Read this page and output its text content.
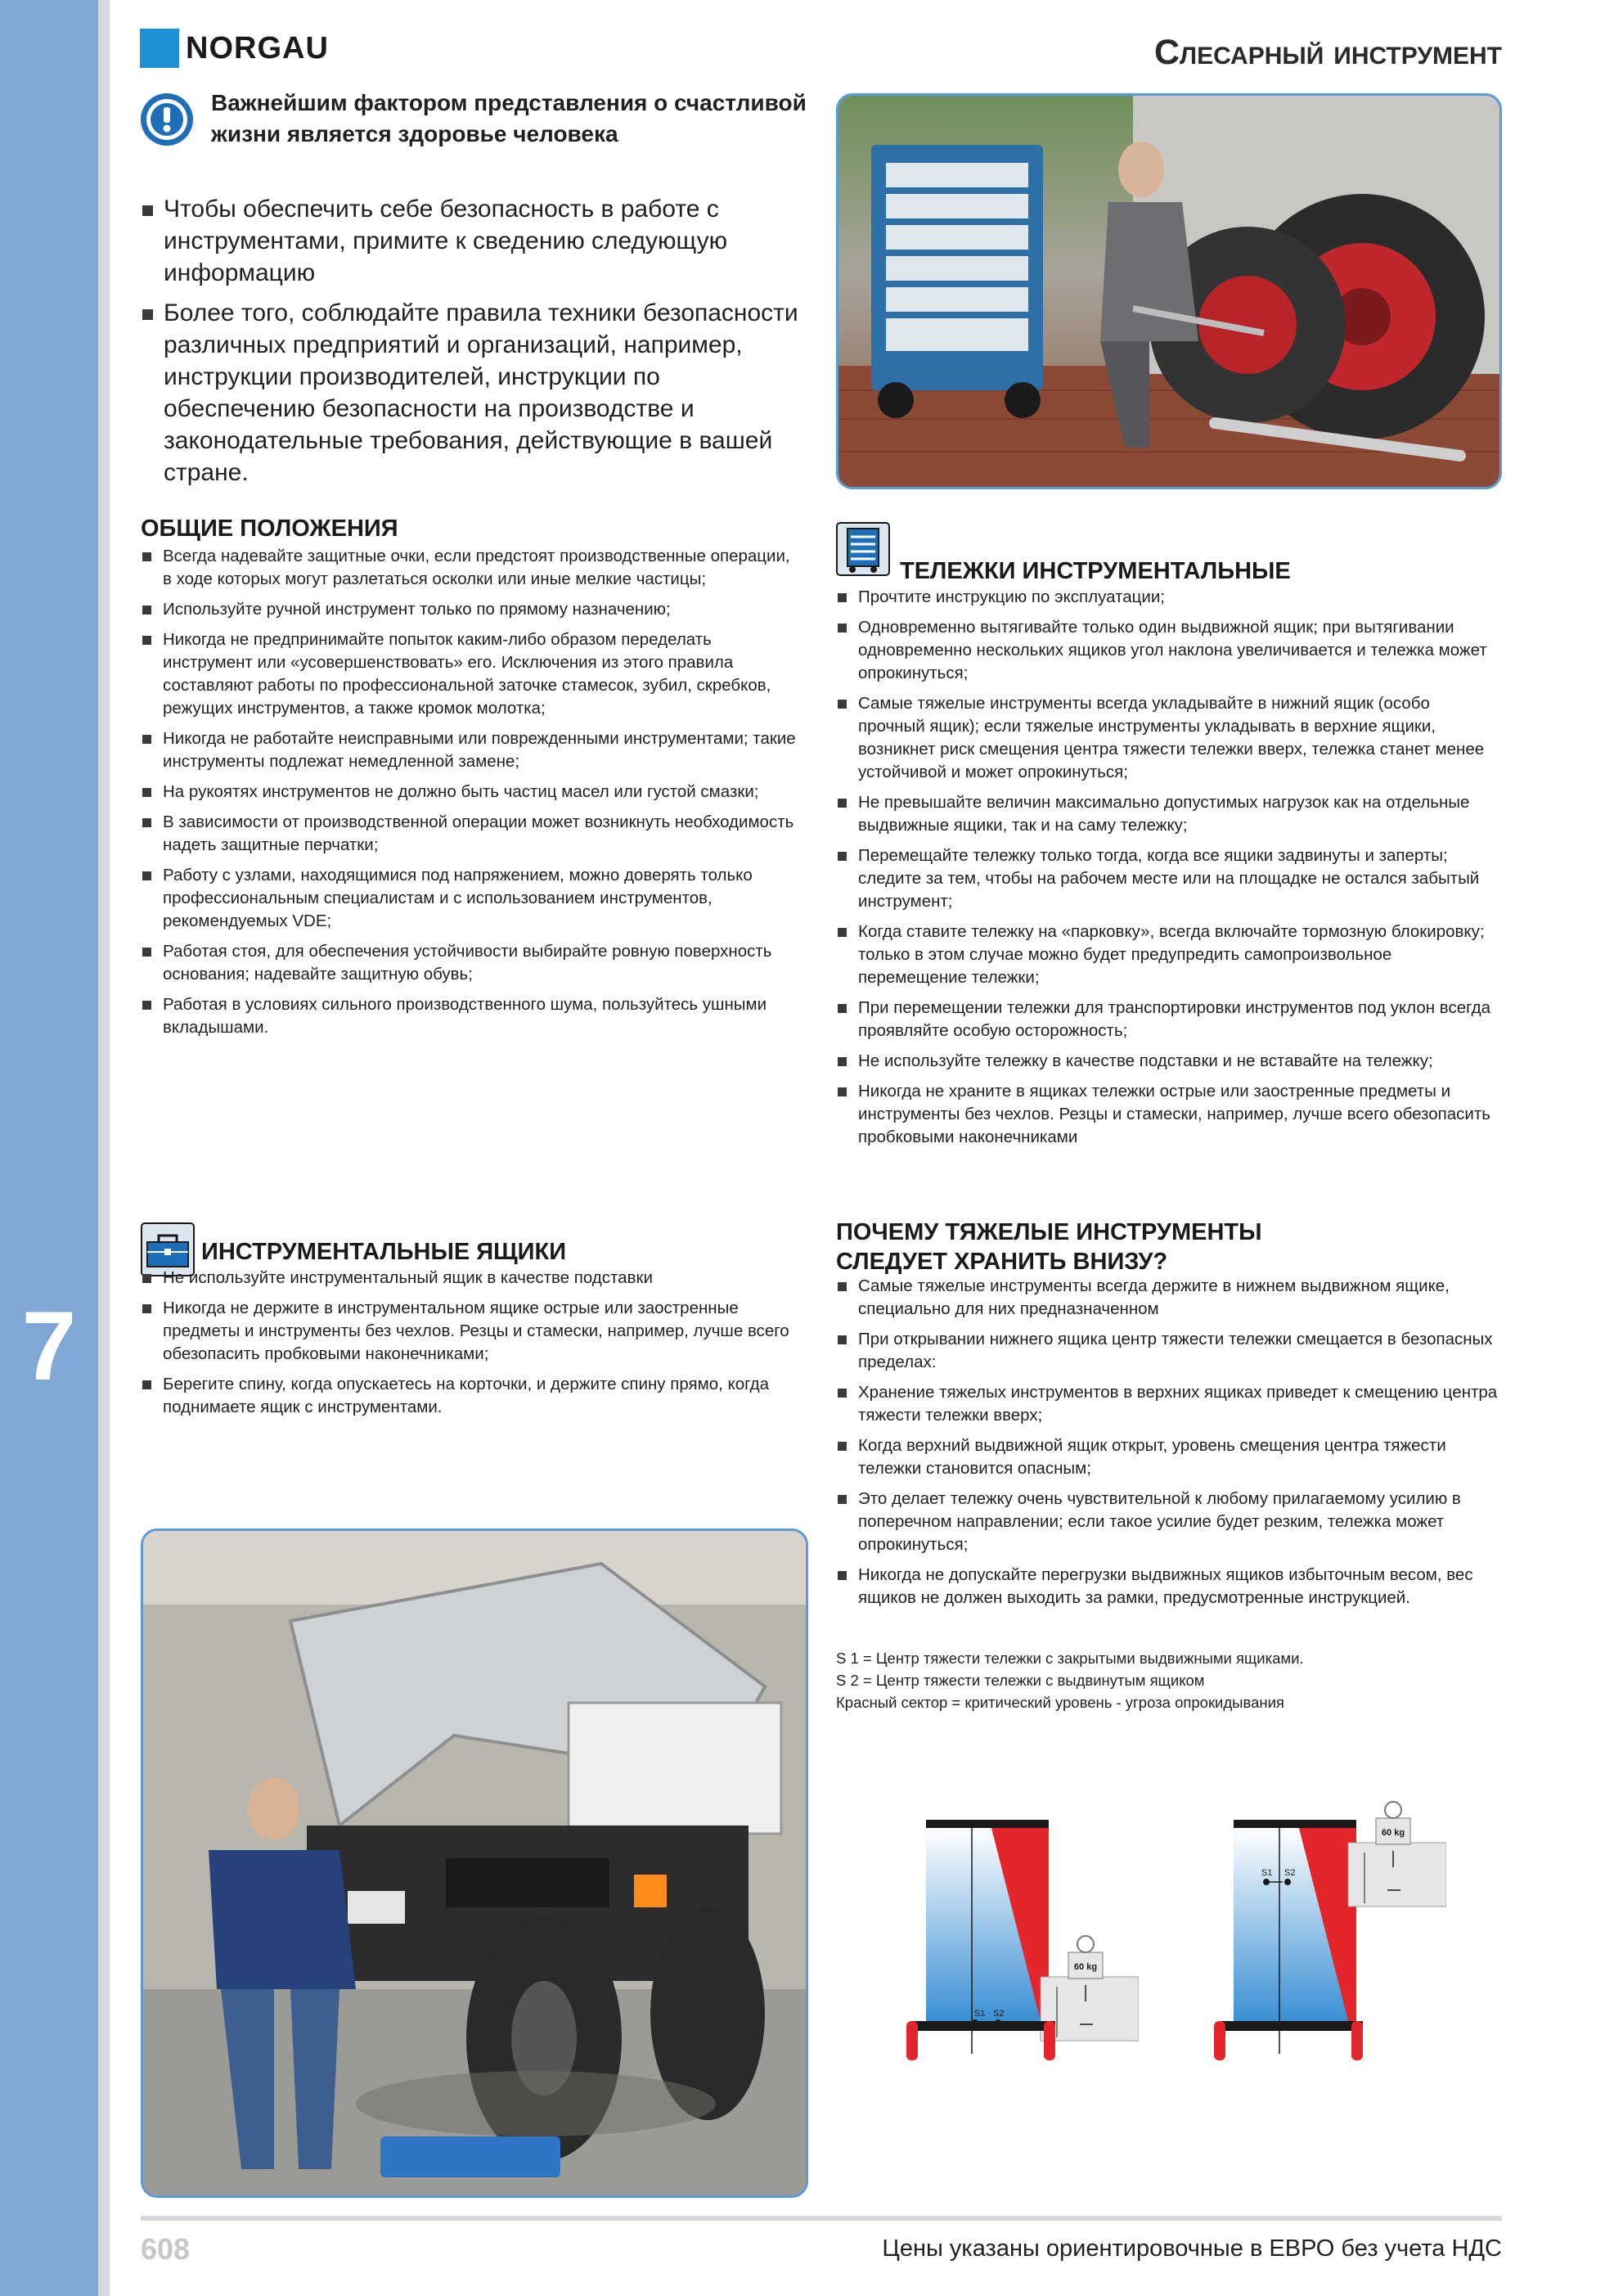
7
NORGAU	Слесарный инструмент
Важнейшим фактором представления о счастливой жизни является здоровье человека
Чтобы обеспечить себе безопасность в работе с инструментами, примите к сведению следующую информацию
Более того, соблюдайте правила техники безопасности различных предприятий и организаций, например, инструкции производителей, инструкции по обеспечению безопасности на производстве и законодательные требования, действующие в вашей стране.
ОБЩИЕ ПОЛОЖЕНИЯ
Всегда надевайте защитные очки, если предстоят производственные операции, в ходе которых могут разлетаться осколки или иные мелкие частицы;
Используйте ручной инструмент только по прямому назначению;
Никогда не предпринимайте попыток каким-либо образом переделать инструмент или «усовершенствовать» его. Исключения из этого правила составляют работы по профессиональной заточке стамесок, зубил, скребков, режущих инструментов, а также кромок молотка;
Никогда не работайте неисправными или поврежденными инструментами; такие инструменты подлежат немедленной замене;
На рукоятях инструментов не должно быть частиц масел или густой смазки;
В зависимости от производственной операции может возникнуть необходимость надеть защитные перчатки;
Работу с узлами, находящимися под напряжением, можно доверять только профессиональным специалистам и с использованием инструментов, рекомендуемых VDE;
Работая стоя, для обеспечения устойчивости выбирайте ровную поверхность основания; надевайте защитную обувь;
Работая в условиях сильного производственного шума, пользуйтесь ушными вкладышами.
ТЕЛЕЖКИ ИНСТРУМЕНТАЛЬНЫЕ
Прочтите инструкцию по эксплуатации;
Одновременно вытягивайте только один выдвижной ящик; при вытягивании одновременно нескольких ящиков угол наклона увеличивается и тележка может опрокинуться;
Самые тяжелые инструменты всегда укладывайте в нижний ящик (особо прочный ящик); если тяжелые инструменты укладывать в верхние ящики, возникнет риск смещения центра тяжести тележки вверх, тележка станет менее устойчивой и может опрокинуться;
Не превышайте величин максимально допустимых нагрузок как на отдельные выдвижные ящики, так и на саму тележку;
Перемещайте тележку только тогда, когда все ящики задвинуты и заперты; следите за тем, чтобы на рабочем месте или на площадке не остался забытый инструмент;
Когда ставите тележку на «парковку», всегда включайте тормозную блокировку; только в этом случае можно будет предупредить самопроизвольное перемещение тележки;
При перемещении тележки для транспортировки инструментов под уклон всегда проявляйте особую осторожность;
Не используйте тележку в качестве подставки и не вставайте на тележку;
Никогда не храните в ящиках тележки острые или заостренные предметы и инструменты без чехлов. Резцы и стамески, например, лучше всего обезопасить пробковыми наконечниками
ИНСТРУМЕНТАЛЬНЫЕ ЯЩИКИ
Не используйте инструментальный ящик в качестве подставки
Никогда не держите в инструментальном ящике острые или заостренные предметы и инструменты без чехлов. Резцы и стамески, например, лучше всего обезопасить пробковыми наконечниками;
Берегите спину, когда опускаетесь на корточки, и держите спину прямо, когда поднимаете ящик с инструментами.
ПОЧЕМУ ТЯЖЕЛЫЕ ИНСТРУМЕНТЫ
СЛЕДУЕТ ХРАНИТЬ ВНИЗУ?
Самые тяжелые инструменты всегда держите в нижнем выдвижном ящике, специально для них предназначенном
При открывании нижнего ящика центр тяжести тележки смещается в безопасных пределах:
Хранение тяжелых инструментов в верхних ящиках приведет к смещению центра тяжести тележки вверх;
Когда верхний выдвижной ящик открыт, уровень смещения центра тяжести тележки становится опасным;
Это делает тележку очень чувствительной к любому прилагаемому усилию в поперечном направлении; если такое усилие будет резким, тележка может опрокинуться;
Никогда не допускайте перегрузки выдвижных ящиков избыточным весом, вес ящиков не должен выходить за рамки, предусмотренные инструкцией.
S 1 = Центр тяжести тележки с закрытыми выдвижными ящиками.
S 2 = Центр тяжести тележки с выдвинутым ящиком
Красный сектор = критический уровень - угроза опрокидывания
60 kg
S1 S2
60 kg
S1 S2
608	Цены указаны ориентировочные в ЕВРО без учета НДС
